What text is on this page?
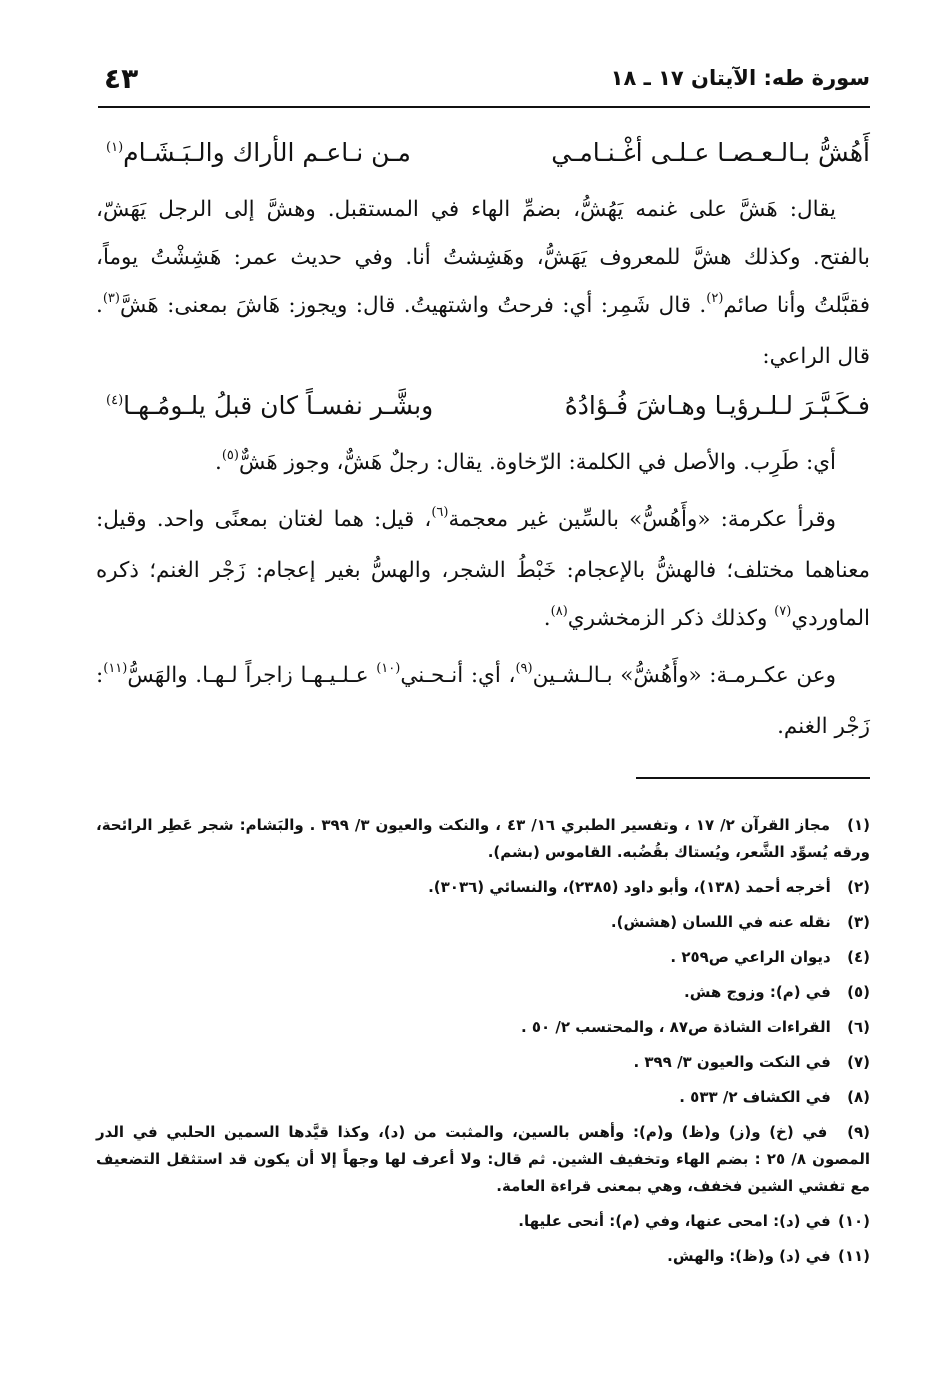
سورة طه: الآيتان ١٧ ـ ١٨
٤٣
أَهُشُّ بـالـعـصـا عـلـى أغْـنـامـي
مـن نـاعـم الأراك والـبَـشَـام$^{(١)}$

يقال: هَشَّ على غنمه يَهُشُّ، بضمِّ الهاء في المستقبل. وهشَّ إلى الرجل يَهَشّ، بالفتح. وكذلك هشَّ للمعروف يَهَشُّ، وهَشِشتُ أنا. وفي حديث عمر: هَشِشْتُ يوماً، فقبَّلتُ وأنا صائم$^{(٢)}$. قال شَمِر: أي: فرحتُ واشتهيتُ. قال: ويجوز: هَاشَ بمعنى: هَشَّ$^{(٣)}$. قال الراعي:

فـكَـبَّـرَ لـلـرؤيـا وهـاشَ فُـؤادُهُ
وبشَّـر نفسـاً كان قبلُ يلـومُـهـا$^{(٤)}$

أي: طَرِب. والأصل في الكلمة: الرّخاوة. يقال: رجلٌ هَشٌّ، وجوز هَشٌّ$^{(٥)}$.

وقرأ عكرمة: «وأَهُسُّ» بالسِّين غير معجمة$^{(٦)}$، قيل: هما لغتان بمعنًى واحد. وقيل: معناهما مختلف؛ فالهشُّ بالإعجام: خَبْطُ الشجر، والهسُّ بغير إعجام: زَجْر الغنم؛ ذكره الماوردي$^{(٧)}$ وكذلك ذكر الزمخشري$^{(٨)}$.

وعن عكـرمـة: «وأَهُشُّ» بـالـشـين$^{(٩)}$، أي: أنـحـني$^{(١٠)}$ عـلـيـهـا زاجراً لـهـا. والهَسُّ$^{(١١)}$: زَجْر الغنم.

(١) مجاز القرآن ٢/ ١٧ ، وتفسير الطبري ١٦/ ٤٣ ، والنكت والعيون ٣/ ٣٩٩ . والبَشام: شجر عَطِر الرائحة، ورقه يُسوِّد الشَّعر، ويُستاك بقُضُبه. القاموس (بشم).

(٢) أخرجه أحمد (١٣٨)، وأبو داود (٢٣٨٥)، والنسائي (٣٠٣٦).

(٣) نقله عنه في اللسان (هشش).

(٤) ديوان الراعي ص٢٥٩ .

(٥) في (م): وزوج هش.

(٦) القراءات الشاذة ص٨٧ ، والمحتسب ٢/ ٥٠ .

(٧) في النكت والعيون ٣/ ٣٩٩ .

(٨) في الكشاف ٢/ ٥٣٣ .

(٩) في (خ) و(ز) و(ظ) و(م): وأهس بالسين، والمثبت من (د)، وكذا قيَّدها السمين الحلبي في الدر المصون ٨/ ٢٥ : بضم الهاء وتخفيف الشين. ثم قال: ولا أعرف لها وجهاً إلا أن يكون قد استثقل التضعيف مع تفشي الشين فخفف، وهي بمعنى قراءة العامة.

(١٠) في (د): امحى عنها، وفي (م): أنحى عليها.

(١١) في (د) و(ظ): والهش.
